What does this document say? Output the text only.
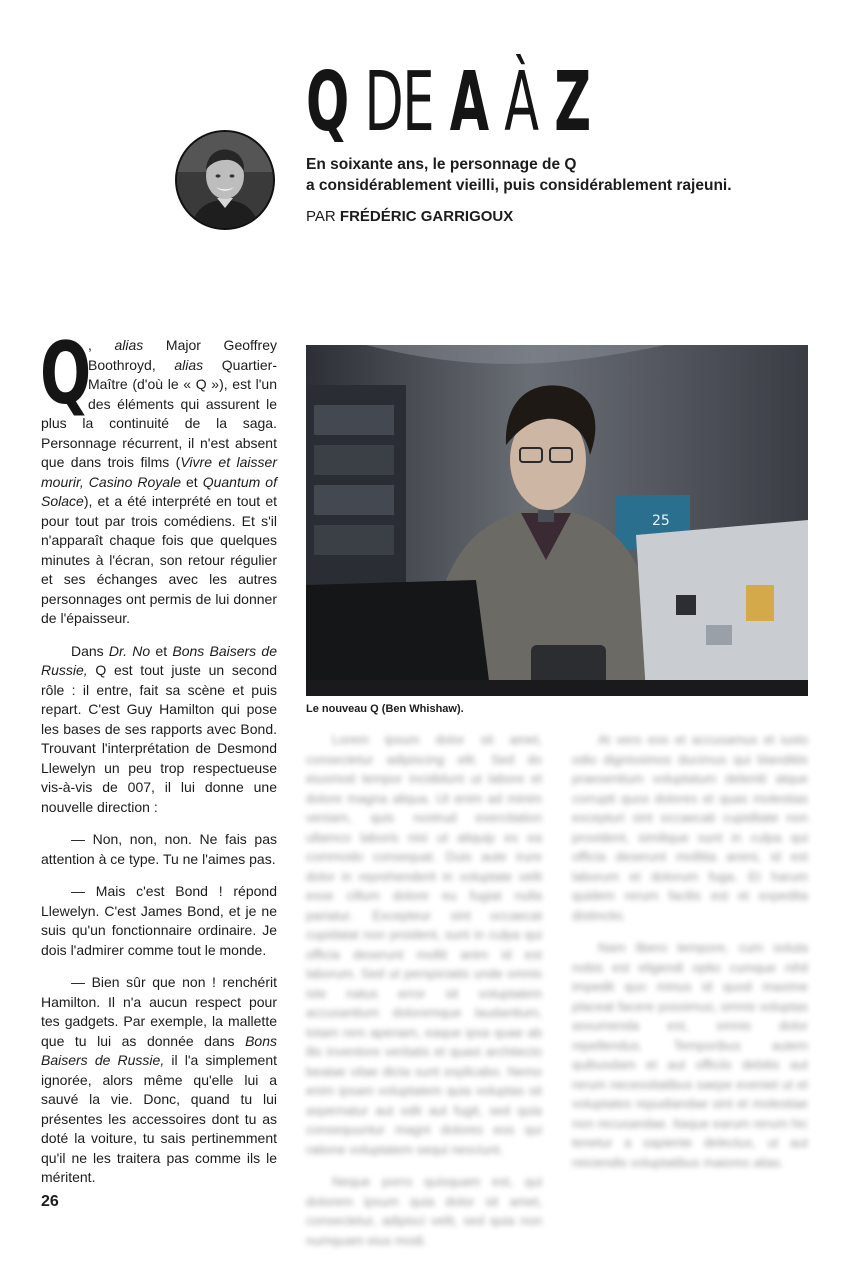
Q DE A À Z

En soixante ans, le personnage de Q
a considérablement vieilli, puis considérablement rajeuni.

PAR FRÉDÉRIC GARRIGOUX

Q
, alias Major Geoffrey Boothroyd, alias Quartier-Maître (d'où le « Q »), est l'un des éléments qui assurent le plus la continuité de la saga. Personnage récurrent, il n'est absent que dans trois films (Vivre et laisser mourir, Casino Royale et Quantum of Solace), et a été interprété en tout et pour tout par trois comédiens. Et s'il n'apparaît chaque fois que quelques minutes à l'écran, son retour régulier et ses échanges avec les autres personnages ont permis de lui donner de l'épaisseur.

Dans Dr. No et Bons Baisers de Russie, Q est tout juste un second rôle : il entre, fait sa scène et puis repart. C'est Guy Hamilton qui pose les bases de ses rapports avec Bond. Trouvant l'interprétation de Desmond Llewelyn un peu trop respectueuse vis-à-vis de 007, il lui donne une nouvelle direction :

— Non, non, non. Ne fais pas attention à ce type. Tu ne l'aimes pas.

— Mais c'est Bond ! répond Llewelyn. C'est James Bond, et je ne suis qu'un fonctionnaire ordinaire. Je dois l'admirer comme tout le monde.

— Bien sûr que non ! renchérit Hamilton. Il n'a aucun respect pour tes gadgets. Par exemple, la mallette que tu lui as donnée dans Bons Baisers de Russie, il l'a simplement ignorée, alors même qu'elle lui a sauvé la vie. Donc, quand tu lui présentes les accessoires dont tu as doté la voiture, tu sais pertinemment qu'il ne les traitera pas comme ils le méritent.

25

Le nouveau Q (Ben Whishaw).

Lorem ipsum dolor sit amet, consectetur adipiscing elit. Sed do eiusmod tempor incididunt ut labore et dolore magna aliqua. Ut enim ad minim veniam, quis nostrud exercitation ullamco laboris nisi ut aliquip ex ea commodo consequat. Duis aute irure dolor in reprehenderit in voluptate velit esse cillum dolore eu fugiat nulla pariatur. Excepteur sint occaecat cupidatat non proident, sunt in culpa qui officia deserunt mollit anim id est laborum. Sed ut perspiciatis unde omnis iste natus error sit voluptatem accusantium doloremque laudantium, totam rem aperiam, eaque ipsa quae ab illo inventore veritatis et quasi architecto beatae vitae dicta sunt explicabo. Nemo enim ipsam voluptatem quia voluptas sit aspernatur aut odit aut fugit, sed quia consequuntur magni dolores eos qui ratione voluptatem sequi nesciunt.

Neque porro quisquam est, qui dolorem ipsum quia dolor sit amet, consectetur, adipisci velit, sed quia non numquam eius modi.

At vero eos et accusamus et iusto odio dignissimos ducimus qui blanditiis praesentium voluptatum deleniti atque corrupti quos dolores et quas molestias excepturi sint occaecati cupiditate non provident, similique sunt in culpa qui officia deserunt mollitia animi, id est laborum et dolorum fuga. Et harum quidem rerum facilis est et expedita distinctio.

Nam libero tempore, cum soluta nobis est eligendi optio cumque nihil impedit quo minus id quod maxime placeat facere possimus, omnis voluptas assumenda est, omnis dolor repellendus. Temporibus autem quibusdam et aut officiis debitis aut rerum necessitatibus saepe eveniet ut et voluptates repudiandae sint et molestiae non recusandae. Itaque earum rerum hic tenetur a sapiente delectus, ut aut reiciendis voluptatibus maiores alias.

26
